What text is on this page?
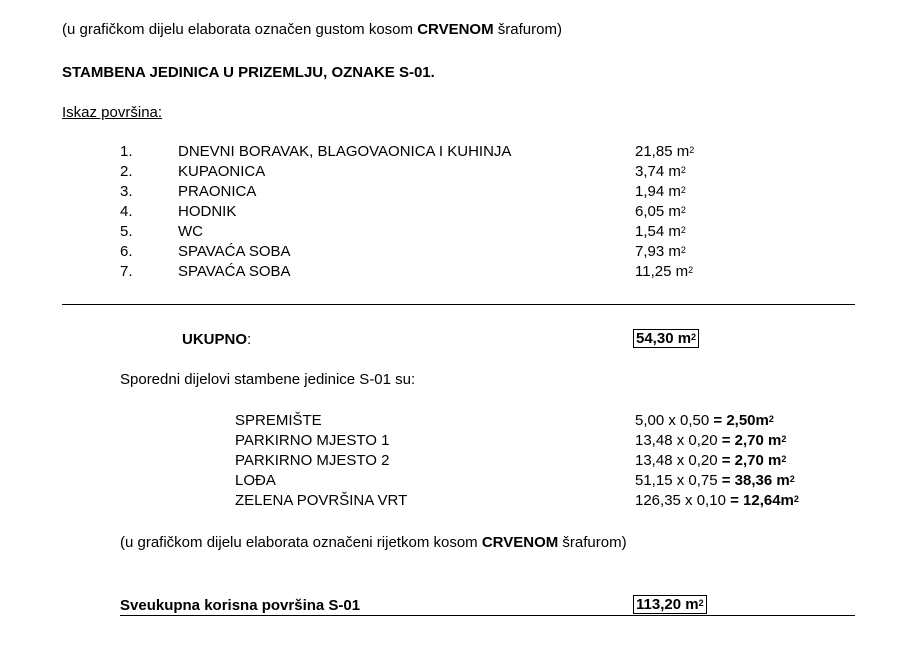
(u grafičkom dijelu elaborata označen gustom kosom CRVENOM šrafurom)
STAMBENA JEDINICA U PRIZEMLJU, OZNAKE S-01.
Iskaz površina:
1.	DNEVNI BORAVAK, BLAGOVAONICA I KUHINJA	21,85 $m^2$
2.	KUPAONICA	3,74 $m^2$
3.	PRAONICA	1,94 $m^2$
4.	HODNIK	6,05 $m^2$
5.	WC	1,54 $m^2$
6.	SPAVAĆA SOBA	7,93 $m^2$
7.	SPAVAĆA SOBA	11,25 $m^2$
UKUPNO:	54,30 $m^2$
Sporedni dijelovi stambene jedinice S-01 su:
SPREMIŠTE	5,00 x $0,50 = 2,50m^2$
PARKIRNO MJESTO 1	13,48 x 0,20 = 2,70 $m^2$
PARKIRNO MJESTO 2	13,48 x 0,20 = 2,70 $m^2$
LOĐA	51,15 x 0,75 = 38,36 $m^2$
ZELENA POVRŠINA VRT	126,35 x $0,10 = 12,64m^2$
(u grafičkom dijelu elaborata označeni rijetkom kosom CRVENOM šrafurom)
Sveukupna korisna površina S-01	113,20 $m^2$
